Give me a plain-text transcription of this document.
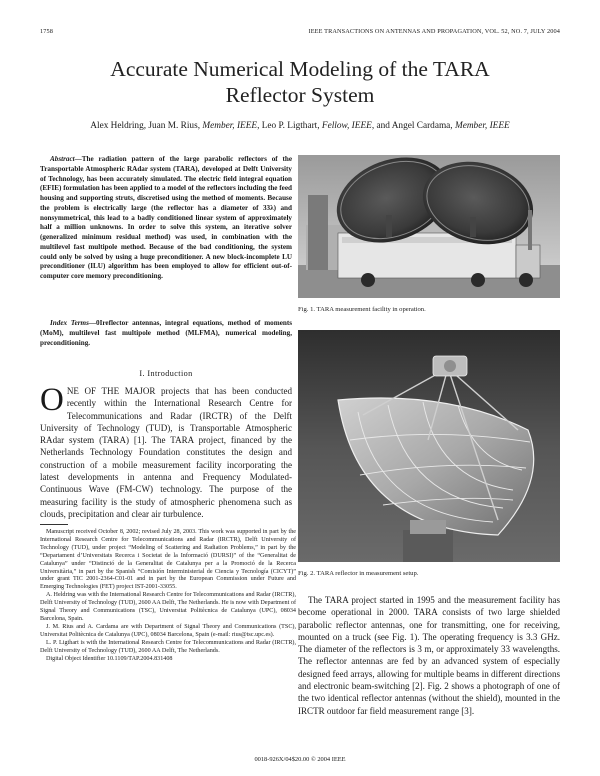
1758	IEEE TRANSACTIONS ON ANTENNAS AND PROPAGATION, VOL. 52, NO. 7, JULY 2004
Accurate Numerical Modeling of the TARA
Reflector System
Alex Heldring, Juan M. Rius, Member, IEEE, Leo P. Ligthart, Fellow, IEEE, and Angel Cardama, Member, IEEE

Abstract—The radiation pattern of the large parabolic reflectors of the Transportable Atmospheric RAdar system (TARA), developed at Delft University of Technology, has been accurately simulated. The electric field integral equation (EFIE) formulation has been applied to a model of the reflectors including the feed housing and supporting struts, discretised using the method of moments. Because the problem is electrically large (the reflector has a diameter of 33λ) and nonsymmetrical, this lead to a badly conditioned linear system of approximately half a million unknowns. In order to solve this system, an iterative solver (generalized minimum residual method) was used, in combination with the multilevel fast multipole method. Because of the bad conditioning, the system could only be solved by using a huge preconditioner. A new block-incomplete LU preconditioner (ILU) algorithm has been employed to allow for efficient out-of-computer core memory preconditioning.

Index Terms—0Ireflector antennas, integral equations, method of moments (MoM), multilevel fast multipole method (MLFMA), numerical modeling, preconditioning.

I. Introduction

ONE OF THE MAJOR projects that has been conducted recently within the International Research Centre for Telecommunications and Radar (IRCTR) of the Delft University of Technology (TUD), is Transportable Atmospheric RAdar system (TARA) [1]. The TARA project, financed by the Netherlands Technology Foundation constitutes the design and construction of a mobile measurement facility incorporating the latest developments in antenna and Frequency Modulated-Continuous Wave (FM-CW) technology. The purpose of the measuring facility is the study of atmospheric phenomena such as clouds, precipitation and clear air turbulence.

Manuscript received October 8, 2002; revised July 28, 2003. This work was supported in part by the International Research Centre for Telecommunications and Radar (IRCTR), Delft University of Technology (TUD), under project “Modeling of Scattering and Radiation Problems,” in part by the “Departament d’Universitats Recerca i Societat de la Informació (DURSI)” of the “Generalitat de Catalunya” under “Distinció de la Generalitat de Catalunya per a la Promoció de la Recerca Universitària,” in part by the Spanish “Comisión Interministerial de Ciencia y Tecnología (CICYT)” under grant TIC 2001-2364-C01-01 and in part by the European Commission under Future and Emerging Technologies (FET) project IST-2001-33055.

A. Heldring was with the International Research Centre for Telecommunications and Radar (IRCTR), Delft University of Technology (TUD), 2600 AA Delft, The Netherlands. He is now with Department of Signal Theory and Communications (TSC), Universitat Politècnica de Catalunya (UPC), 08034 Barcelona, Spain.

J. M. Rius and A. Cardama are with Department of Signal Theory and Communications (TSC), Universitat Politècnica de Catalunya (UPC), 08034 Barcelona, Spain (e-mail: rius@tsc.upc.es).

L. P. Ligthart is with the International Research Centre for Telecommunications and Radar (IRCTR), Delft University of Technology (TUD), 2600 AA Delft, The Netherlands.

Digital Object Identifier 10.1109/TAP.2004.831408

Fig. 1. TARA measurement facility in operation.
Fig. 2. TARA reflector in measurement setup.

The TARA project started in 1995 and the measurement facility has become operational in 2000. TARA consists of two large shielded parabolic reflector antennas, one for transmitting, one for receiving, mounted on a truck (see Fig. 1). The operating frequency is 3.3 GHz. The diameter of the reflectors is 3 m, or approximately 33 wavelengths. The reflector antennas are fed by an advanced system of especially designed feed arrays, allowing for multiple beams in different directions and electronic beam-switching [2]. Fig. 2 shows a photograph of one of the two identical reflector antennas (without the shield), mounted in the IRCTR outdoor far field measurement range [3].

0018-926X/04$20.00 © 2004 IEEE
